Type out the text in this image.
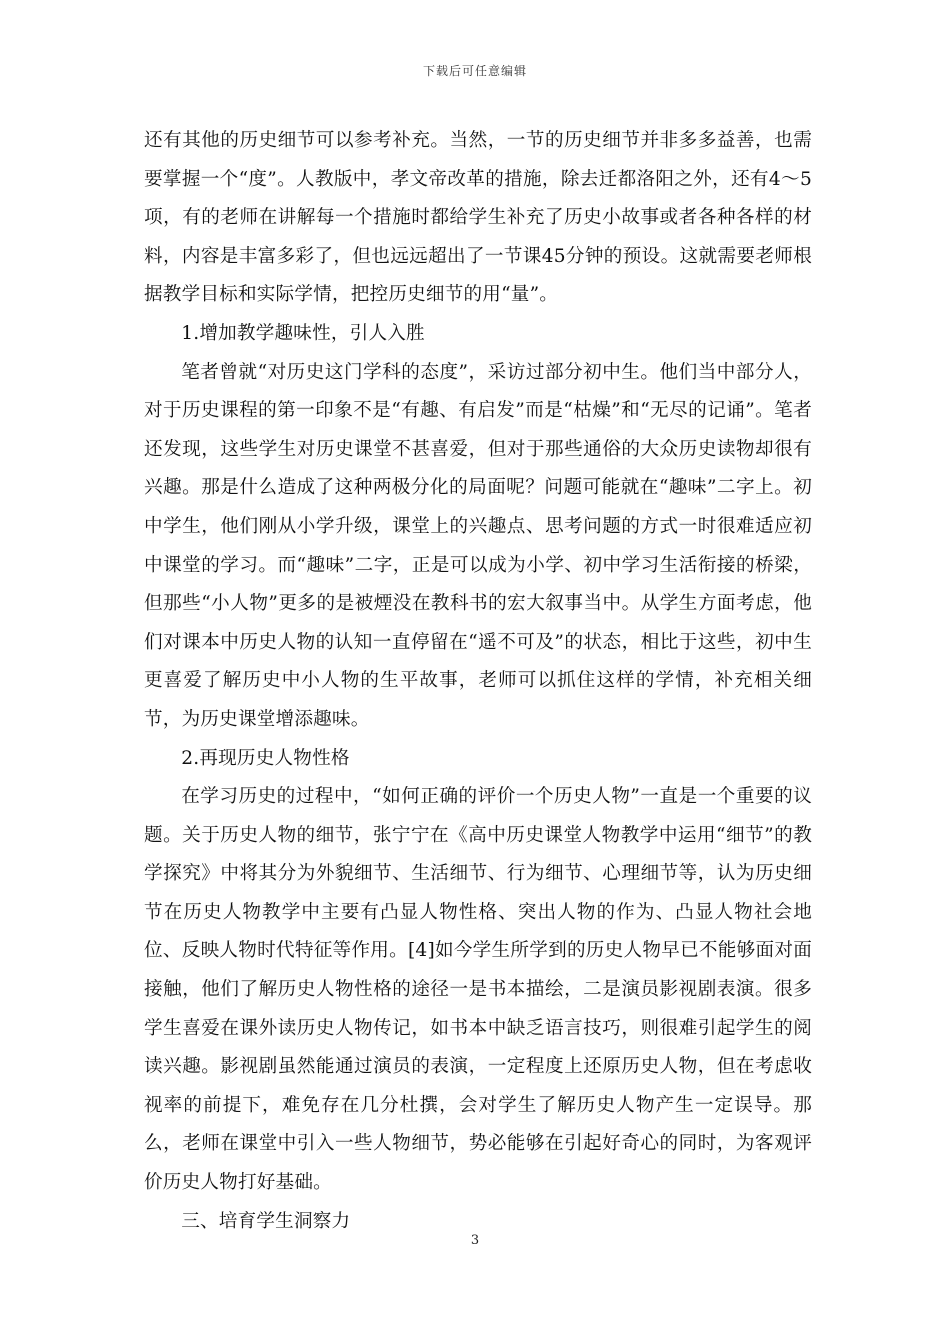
下载后可任意编辑

还有其他的历史细节可以参考补充。当然，一节的历史细节并非多多益善，也需要掌握一个“度”。人教版中，孝文帝改革的措施，除去迁都洛阳之外，还有4～5项，有的老师在讲解每一个措施时都给学生补充了历史小故事或者各种各样的材料，内容是丰富多彩了，但也远远超出了一节课45分钟的预设。这就需要老师根据教学目标和实际学情，把控历史细节的用“量”。

1.增加教学趣味性，引人入胜

笔者曾就“对历史这门学科的态度”，采访过部分初中生。他们当中部分人，对于历史课程的第一印象不是“有趣、有启发”而是“枯燥”和“无尽的记诵”。笔者还发现，这些学生对历史课堂不甚喜爱，但对于那些通俗的大众历史读物却很有兴趣。那是什么造成了这种两极分化的局面呢？问题可能就在“趣味”二字上。初中学生，他们刚从小学升级，课堂上的兴趣点、思考问题的方式一时很难适应初中课堂的学习。而“趣味”二字，正是可以成为小学、初中学习生活衔接的桥梁，但那些“小人物”更多的是被煙没在教科书的宏大叙事当中。从学生方面考虑，他们对课本中历史人物的认知一直停留在“遥不可及”的状态，相比于这些，初中生更喜爱了解历史中小人物的生平故事，老师可以抓住这样的学情，补充相关细节，为历史课堂增添趣味。

2.再现历史人物性格

在学习历史的过程中，“如何正确的评价一个历史人物”一直是一个重要的议题。关于历史人物的细节，张宁宁在《高中历史课堂人物教学中运用“细节”的教学探究》中将其分为外貌细节、生活细节、行为细节、心理细节等，认为历史细节在历史人物教学中主要有凸显人物性格、突出人物的作为、凸显人物社会地位、反映人物时代特征等作用。[4]如今学生所学到的历史人物早已不能够面对面接触，他们了解历史人物性格的途径一是书本描绘，二是演员影视剧表演。很多学生喜爱在课外读历史人物传记，如书本中缺乏语言技巧，则很难引起学生的阅读兴趣。影视剧虽然能通过演员的表演，一定程度上还原历史人物，但在考虑收视率的前提下，难免存在几分杜撰，会对学生了解历史人物产生一定误导。那么，老师在课堂中引入一些人物细节，势必能够在引起好奇心的同时，为客观评价历史人物打好基础。

三、培育学生洞察力

3
